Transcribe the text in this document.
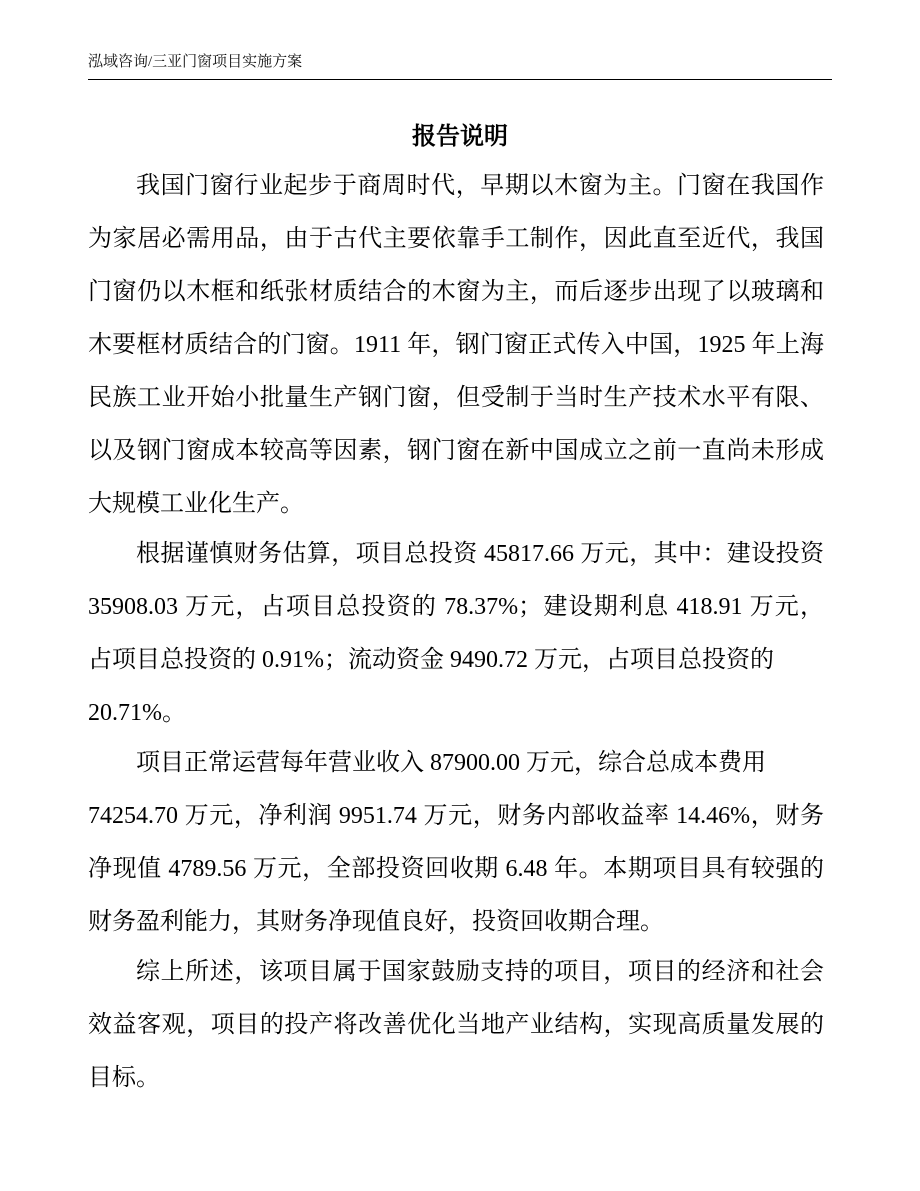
泓域咨询/三亚门窗项目实施方案
报告说明
我国门窗行业起步于商周时代，早期以木窗为主。门窗在我国作
为家居必需用品，由于古代主要依靠手工制作，因此直至近代，我国
门窗仍以木框和纸张材质结合的木窗为主，而后逐步出现了以玻璃和
木要框材质结合的门窗。1911 年，钢门窗正式传入中国，1925 年上海
民族工业开始小批量生产钢门窗，但受制于当时生产技术水平有限、
以及钢门窗成本较高等因素，钢门窗在新中国成立之前一直尚未形成
大规模工业化生产。
根据谨慎财务估算，项目总投资 45817.66 万元，其中：建设投资
35908.03 万元，占项目总投资的 78.37%；建设期利息 418.91 万元，
占项目总投资的 0.91%；流动资金 9490.72 万元，占项目总投资的
20.71%。
项目正常运营每年营业收入 87900.00 万元，综合总成本费用
74254.70 万元，净利润 9951.74 万元，财务内部收益率 14.46%，财务
净现值 4789.56 万元，全部投资回收期 6.48 年。本期项目具有较强的
财务盈利能力，其财务净现值良好，投资回收期合理。
综上所述，该项目属于国家鼓励支持的项目，项目的经济和社会
效益客观，项目的投产将改善优化当地产业结构，实现高质量发展的
目标。
